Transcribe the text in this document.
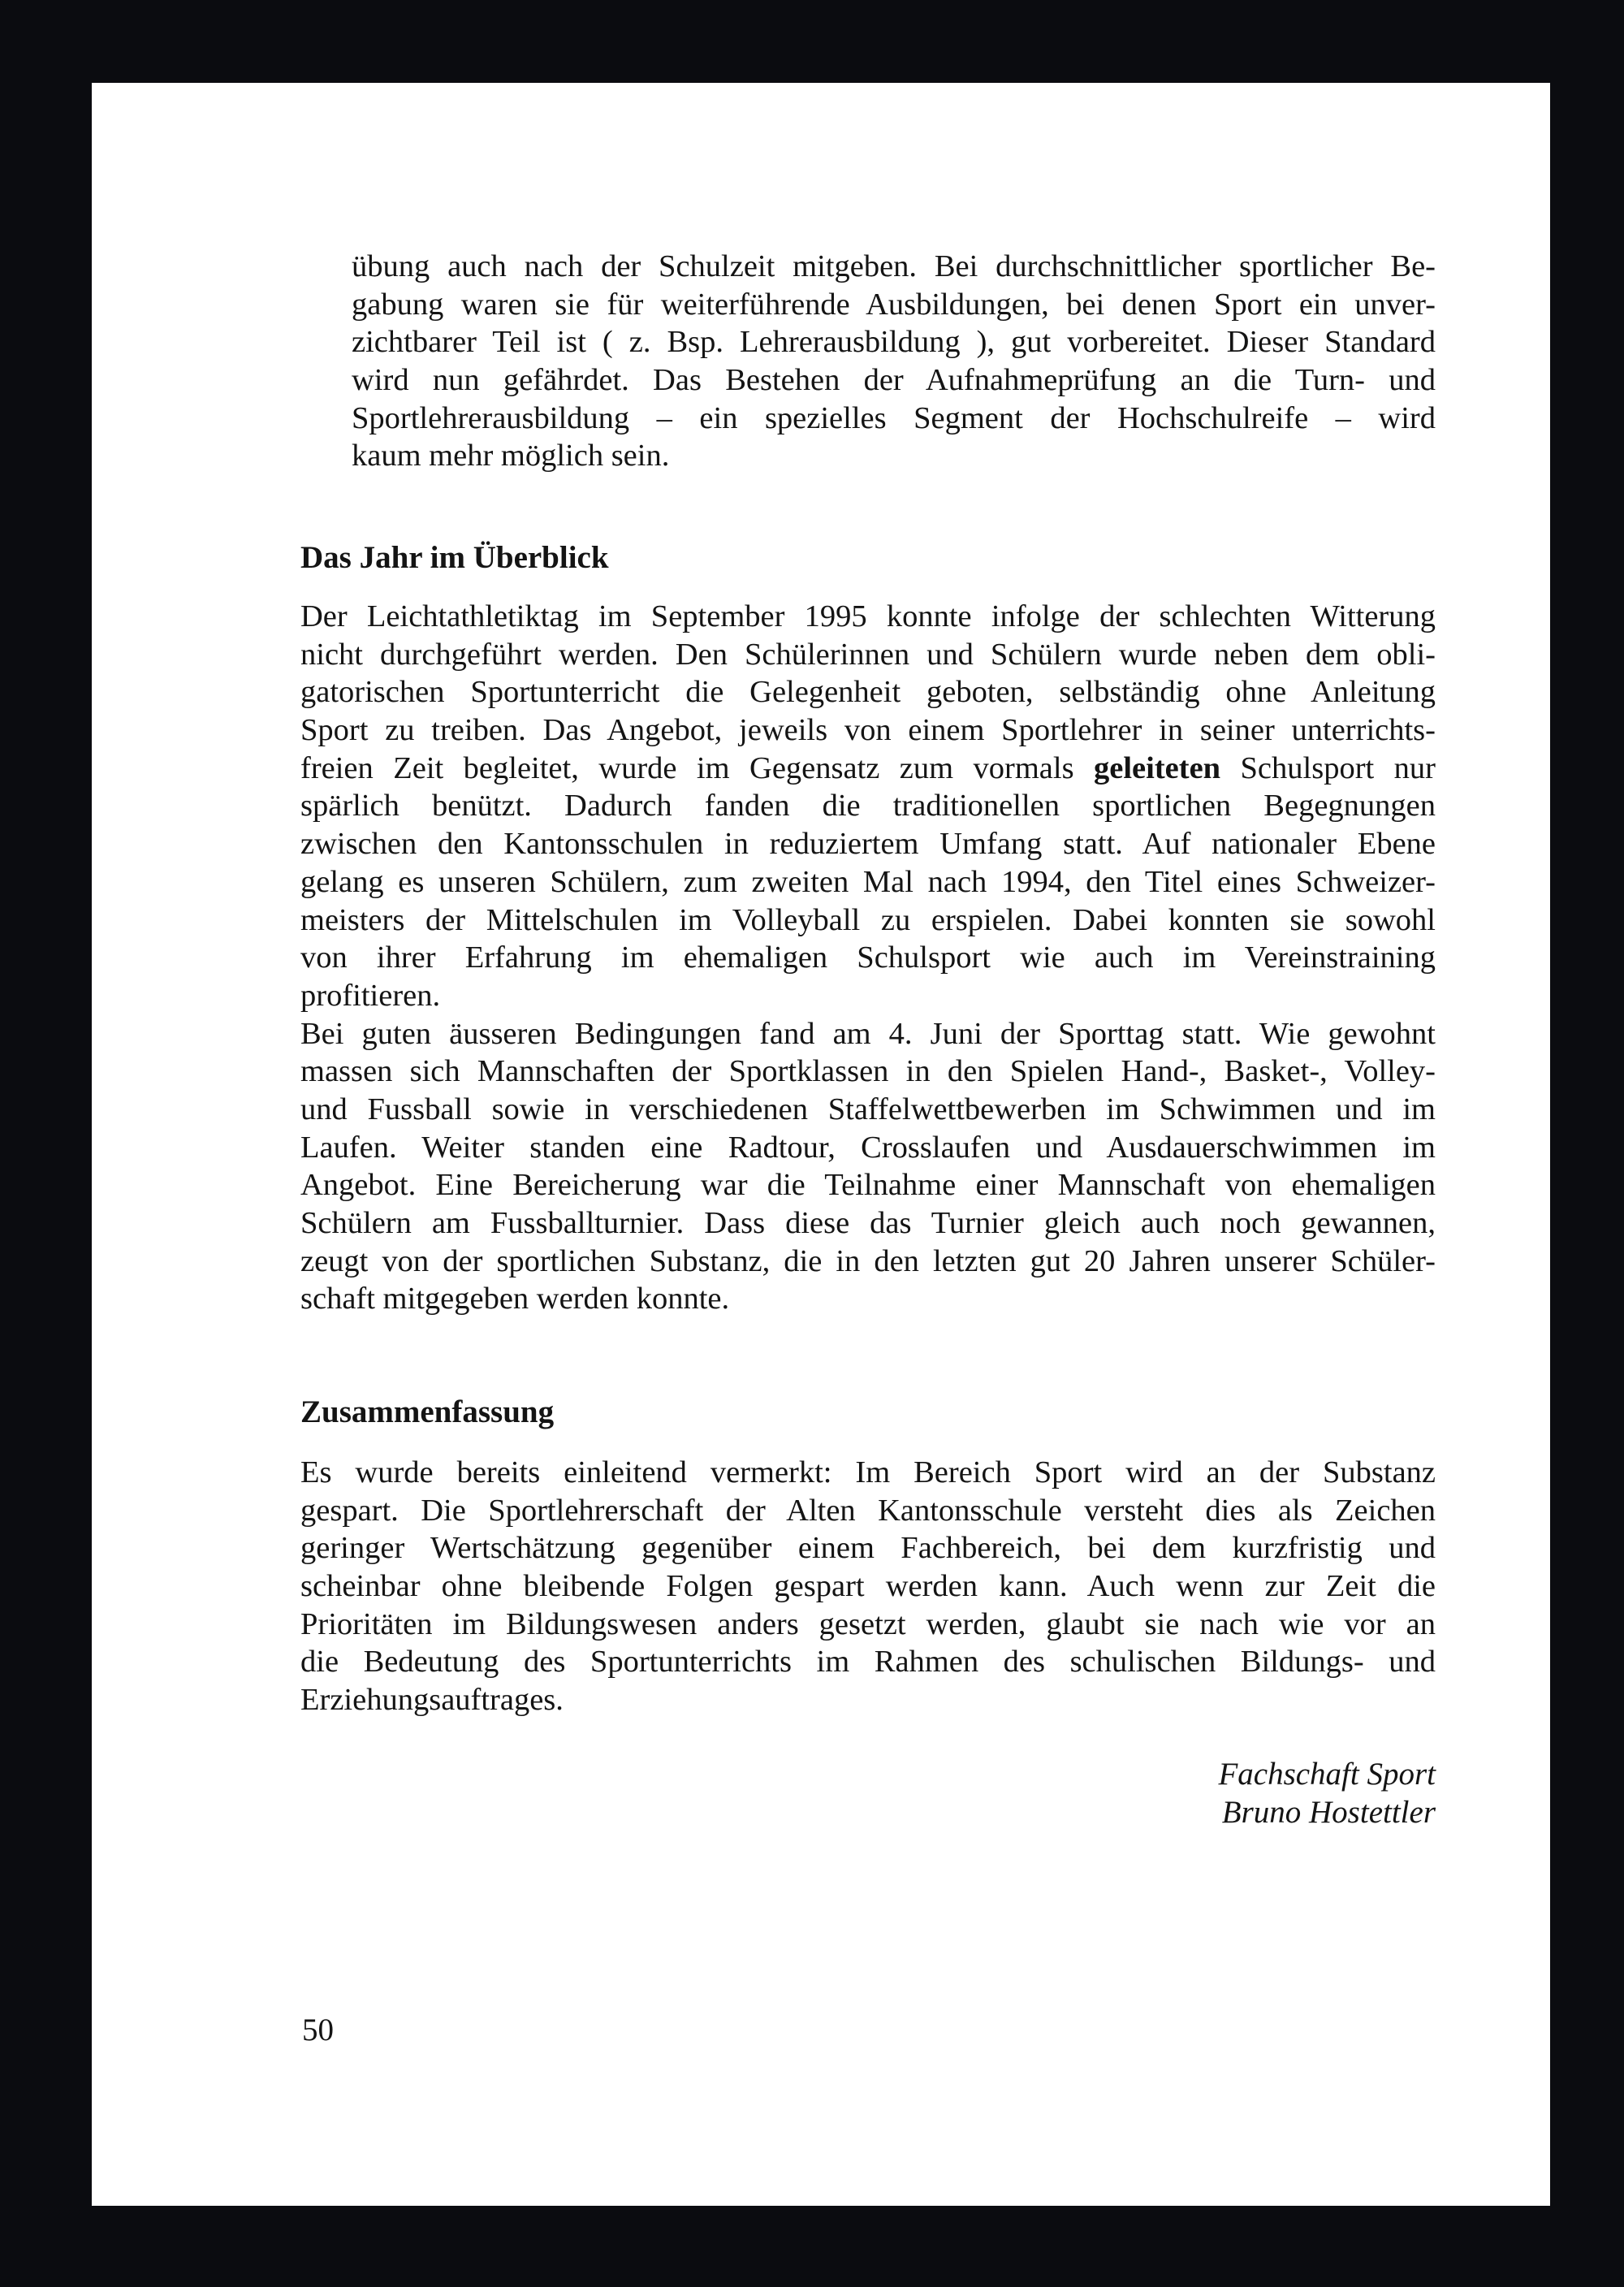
übung auch nach der Schulzeit mitgeben. Bei durchschnittlicher sportlicher Be-
gabung waren sie für weiterführende Ausbildungen, bei denen Sport ein unver-
zichtbarer Teil ist ( z. Bsp. Lehrerausbildung ), gut vorbereitet. Dieser Standard
wird nun gefährdet. Das Bestehen der Aufnahmeprüfung an die Turn- und
Sportlehrerausbildung – ein spezielles Segment der Hochschulreife – wird
kaum mehr möglich sein.
Das Jahr im Überblick
Der Leichtathletiktag im September 1995 konnte infolge der schlechten Witterung
nicht durchgeführt werden. Den Schülerinnen und Schülern wurde neben dem obli-
gatorischen Sportunterricht die Gelegenheit geboten, selbständig ohne Anleitung
Sport zu treiben. Das Angebot, jeweils von einem Sportlehrer in seiner unterrichts-
freien Zeit begleitet, wurde im Gegensatz zum vormals geleiteten Schulsport nur
spärlich benützt. Dadurch fanden die traditionellen sportlichen Begegnungen
zwischen den Kantonsschulen in reduziertem Umfang statt. Auf nationaler Ebene
gelang es unseren Schülern, zum zweiten Mal nach 1994, den Titel eines Schweizer-
meisters der Mittelschulen im Volleyball zu erspielen. Dabei konnten sie sowohl
von ihrer Erfahrung im ehemaligen Schulsport wie auch im Vereinstraining
profitieren.
Bei guten äusseren Bedingungen fand am 4. Juni der Sporttag statt. Wie gewohnt
massen sich Mannschaften der Sportklassen in den Spielen Hand-, Basket-, Volley-
und Fussball sowie in verschiedenen Staffelwettbewerben im Schwimmen und im
Laufen. Weiter standen eine Radtour, Crosslaufen und Ausdauerschwimmen im
Angebot. Eine Bereicherung war die Teilnahme einer Mannschaft von ehemaligen
Schülern am Fussballturnier. Dass diese das Turnier gleich auch noch gewannen,
zeugt von der sportlichen Substanz, die in den letzten gut 20 Jahren unserer Schüler-
schaft mitgegeben werden konnte.
Zusammenfassung
Es wurde bereits einleitend vermerkt: Im Bereich Sport wird an der Substanz
gespart. Die Sportlehrerschaft der Alten Kantonsschule versteht dies als Zeichen
geringer Wertschätzung gegenüber einem Fachbereich, bei dem kurzfristig und
scheinbar ohne bleibende Folgen gespart werden kann. Auch wenn zur Zeit die
Prioritäten im Bildungswesen anders gesetzt werden, glaubt sie nach wie vor an
die Bedeutung des Sportunterrichts im Rahmen des schulischen Bildungs- und
Erziehungsauftrages.
Fachschaft Sport
Bruno Hostettler
50
